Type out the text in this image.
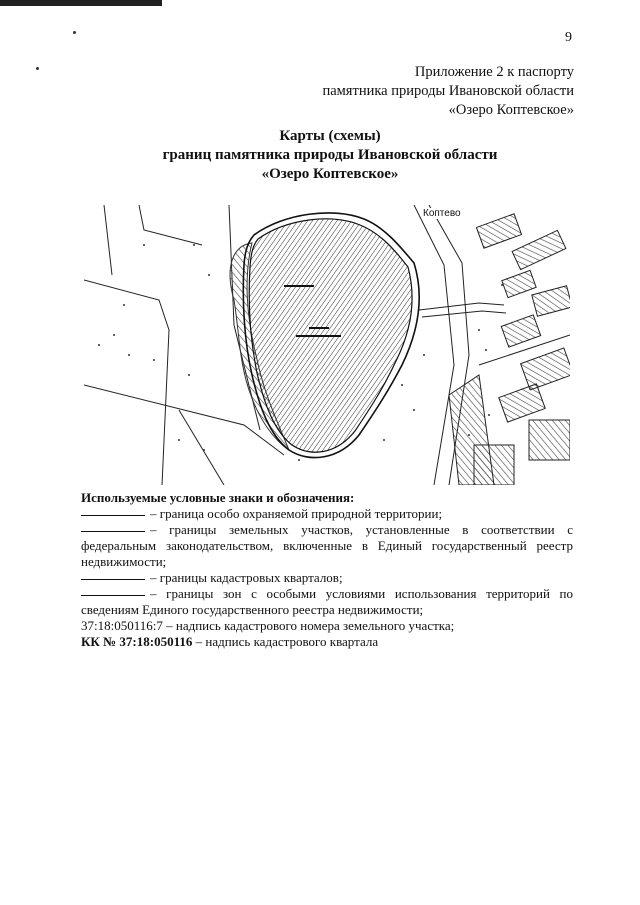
9
Приложение 2 к паспорту
памятника природы Ивановской области
«Озеро Коптевское»
Карты (схемы)
границ памятника природы Ивановской области
«Озеро Коптевское»
Коптево
Используемые условные знаки и обозначения:
– граница особо охраняемой природной территории;
– границы земельных участков, установленные в соответствии с федеральным законодательством, включенные в Единый государственный реестр недвижимости;
– границы кадастровых кварталов;
– границы зон с особыми условиями использования территорий по сведениям Единого государственного реестра недвижимости;
37:18:050116:7 – надпись кадастрового номера земельного участка;
КК № 37:18:050116 – надпись кадастрового квартала
